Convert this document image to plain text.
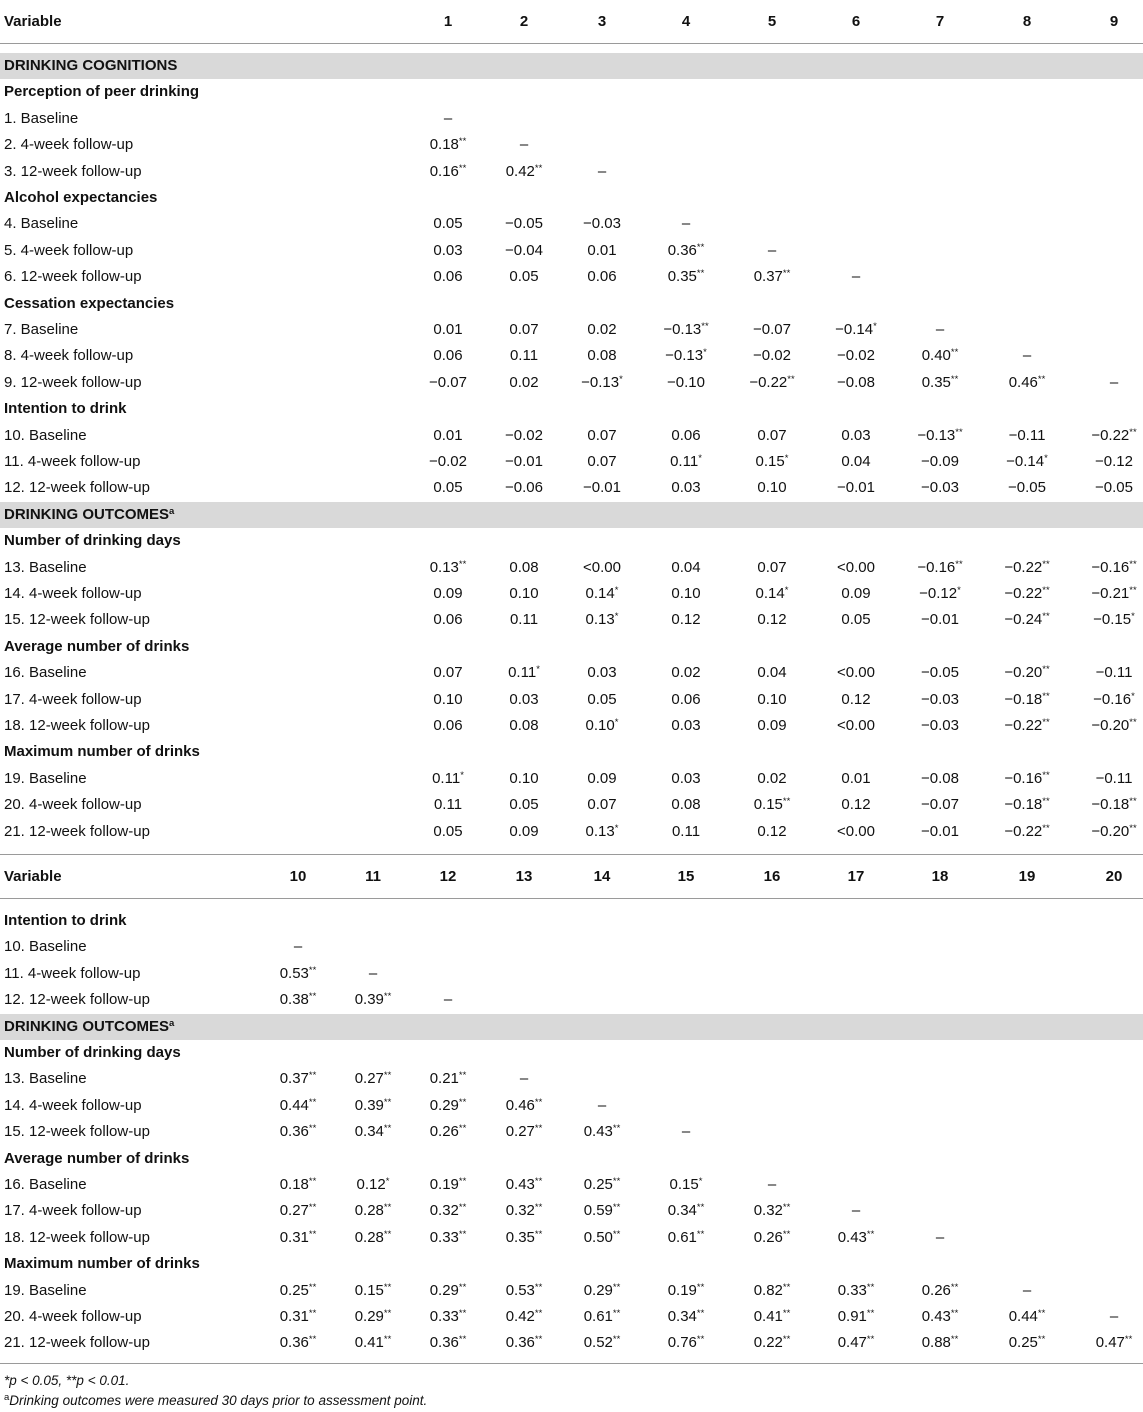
Variable	1	2	3	4	5	6	7	8	9
DRINKING COGNITIONS
Perception of peer drinking
1. Baseline	–
2. 4-week follow-up	0.18**	–
3. 12-week follow-up	0.16**	0.42**	–
Alcohol expectancies
4. Baseline	0.05	−0.05	−0.03	–
5. 4-week follow-up	0.03	−0.04	0.01	0.36**	–
6. 12-week follow-up	0.06	0.05	0.06	0.35**	0.37**	–
Cessation expectancies
7. Baseline	0.01	0.07	0.02	−0.13**	−0.07	−0.14*	–
8. 4-week follow-up	0.06	0.11	0.08	−0.13*	−0.02	−0.02	0.40**	–
9. 12-week follow-up	−0.07	0.02	−0.13*	−0.10	−0.22**	−0.08	0.35**	0.46**	–
Intention to drink
10. Baseline	0.01	−0.02	0.07	0.06	0.07	0.03	−0.13**	−0.11	−0.22**
11. 4-week follow-up	−0.02	−0.01	0.07	0.11*	0.15*	0.04	−0.09	−0.14*	−0.12
12. 12-week follow-up	0.05	−0.06	−0.01	0.03	0.10	−0.01	−0.03	−0.05	−0.05
DRINKING OUTCOMES$^a$
Number of drinking days
13. Baseline	0.13**	0.08	<0.00	0.04	0.07	<0.00	−0.16**	−0.22**	−0.16**
14. 4-week follow-up	0.09	0.10	0.14*	0.10	0.14*	0.09	−0.12*	−0.22**	−0.21**
15. 12-week follow-up	0.06	0.11	0.13*	0.12	0.12	0.05	−0.01	−0.24**	−0.15*
Average number of drinks
16. Baseline	0.07	0.11*	0.03	0.02	0.04	<0.00	−0.05	−0.20**	−0.11
17. 4-week follow-up	0.10	0.03	0.05	0.06	0.10	0.12	−0.03	−0.18**	−0.16*
18. 12-week follow-up	0.06	0.08	0.10*	0.03	0.09	<0.00	−0.03	−0.22**	−0.20**
Maximum number of drinks
19. Baseline	0.11*	0.10	0.09	0.03	0.02	0.01	−0.08	−0.16**	−0.11
20. 4-week follow-up	0.11	0.05	0.07	0.08	0.15**	0.12	−0.07	−0.18**	−0.18**
21. 12-week follow-up	0.05	0.09	0.13*	0.11	0.12	<0.00	−0.01	−0.22**	−0.20**
Variable	10	11	12	13	14	15	16	17	18	19	20
Intention to drink
10. Baseline	–
11. 4-week follow-up	0.53**	–
12. 12-week follow-up	0.38**	0.39**	–
DRINKING OUTCOMES$^a$
Number of drinking days
13. Baseline	0.37**	0.27**	0.21**	–
14. 4-week follow-up	0.44**	0.39**	0.29**	0.46**	–
15. 12-week follow-up	0.36**	0.34**	0.26**	0.27**	0.43**	–
Average number of drinks
16. Baseline	0.18**	0.12*	0.19**	0.43**	0.25**	0.15*	–
17. 4-week follow-up	0.27**	0.28**	0.32**	0.32**	0.59**	0.34**	0.32**	–
18. 12-week follow-up	0.31**	0.28**	0.33**	0.35**	0.50**	0.61**	0.26**	0.43**	–
Maximum number of drinks
19. Baseline	0.25**	0.15**	0.29**	0.53**	0.29**	0.19**	0.82**	0.33**	0.26**	–
20. 4-week follow-up	0.31**	0.29**	0.33**	0.42**	0.61**	0.34**	0.41**	0.91**	0.43**	0.44**	–
21. 12-week follow-up	0.36**	0.41**	0.36**	0.36**	0.52**	0.76**	0.22**	0.47**	0.88**	0.25**	0.47**
*p < 0.05, **p < 0.01.
$^a$Drinking outcomes were measured 30 days prior to assessment point.
